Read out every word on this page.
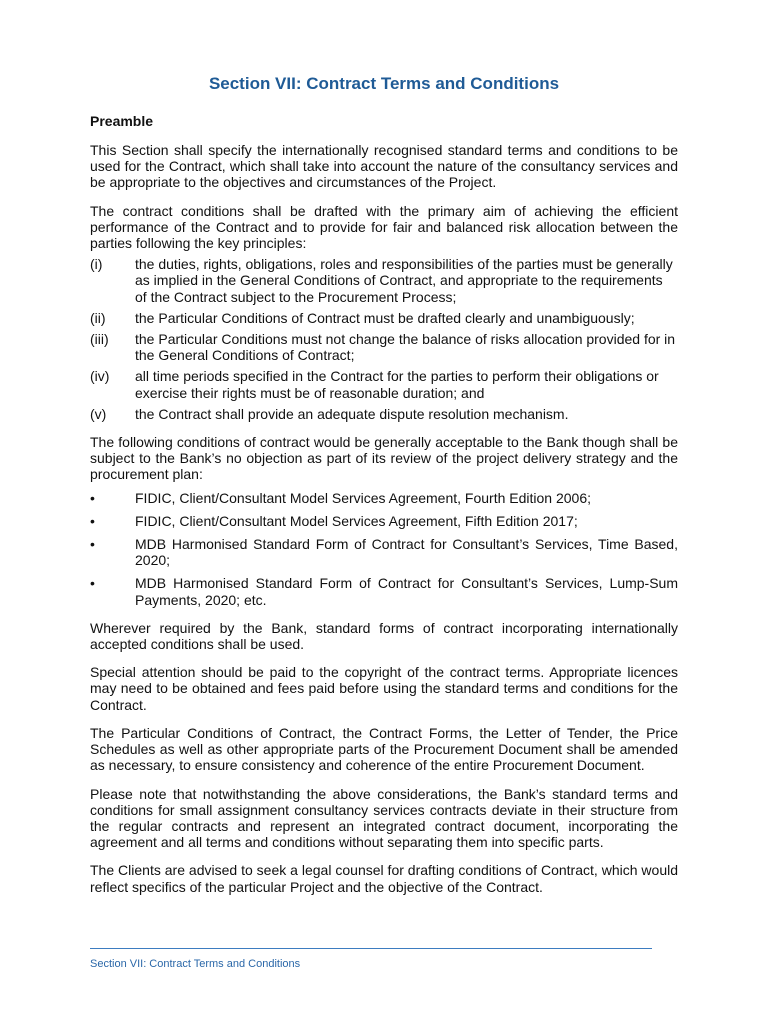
Section VII: Contract Terms and Conditions
Preamble

This Section shall specify the internationally recognised standard terms and conditions to be used for the Contract, which shall take into account the nature of the consultancy services and be appropriate to the objectives and circumstances of the Project.

The contract conditions shall be drafted with the primary aim of achieving the efficient performance of the Contract and to provide for fair and balanced risk allocation between the parties following the key principles:

(i)	the duties, rights, obligations, roles and responsibilities of the parties must be generally as implied in the General Conditions of Contract, and appropriate to the requirements of the Contract subject to the Procurement Process;
(ii)	the Particular Conditions of Contract must be drafted clearly and unambiguously;
(iii)	the Particular Conditions must not change the balance of risks allocation provided for in the General Conditions of Contract;
(iv)	all time periods specified in the Contract for the parties to perform their obligations or exercise their rights must be of reasonable duration; and
(v)	the Contract shall provide an adequate dispute resolution mechanism.

The following conditions of contract would be generally acceptable to the Bank though shall be subject to the Bank’s no objection as part of its review of the project delivery strategy and the procurement plan:

•	FIDIC, Client/Consultant Model Services Agreement, Fourth Edition 2006;
•	FIDIC, Client/Consultant Model Services Agreement, Fifth Edition 2017;
•	MDB Harmonised Standard Form of Contract for Consultant’s Services, Time Based, 2020;
•	MDB Harmonised Standard Form of Contract for Consultant’s Services, Lump-Sum Payments, 2020; etc.

Wherever required by the Bank, standard forms of contract incorporating internationally accepted conditions shall be used.

Special attention should be paid to the copyright of the contract terms. Appropriate licences may need to be obtained and fees paid before using the standard terms and conditions for the Contract.

The Particular Conditions of Contract, the Contract Forms, the Letter of Tender, the Price Schedules as well as other appropriate parts of the Procurement Document shall be amended as necessary, to ensure consistency and coherence of the entire Procurement Document.

Please note that notwithstanding the above considerations, the Bank’s standard terms and conditions for small assignment consultancy services contracts deviate in their structure from the regular contracts and represent an integrated contract document, incorporating the agreement and all terms and conditions without separating them into specific parts.

The Clients are advised to seek a legal counsel for drafting conditions of Contract, which would reflect specifics of the particular Project and the objective of the Contract.

Section VII: Contract Terms and Conditions
